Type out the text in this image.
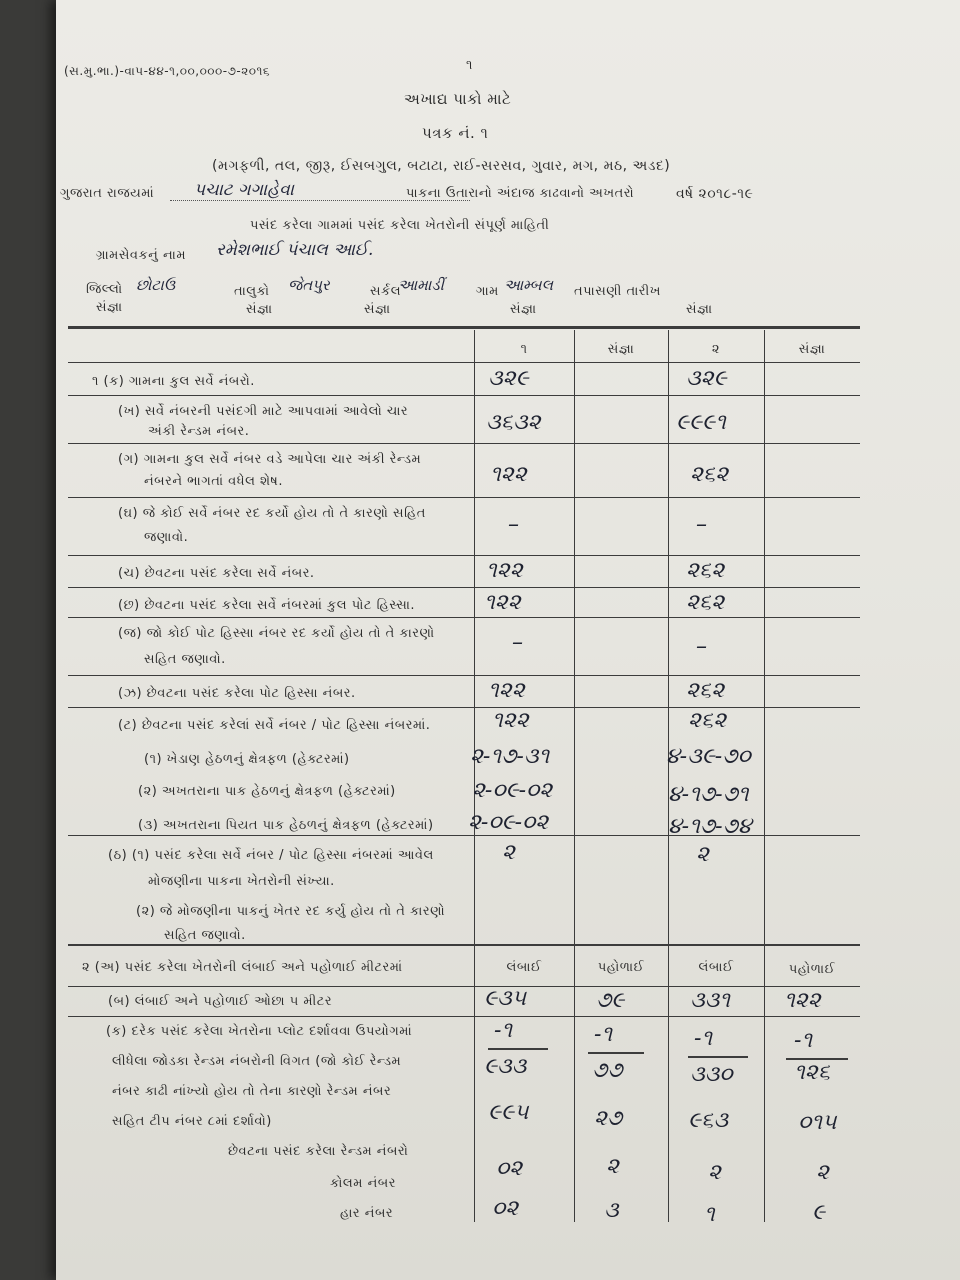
(સ.મુ.ભા.)-વાપ-૪૪-૧,૦૦,૦૦૦-૭-૨૦૧૬	૧
અખાદ્ય પાકો માટે
પત્રક નં. ૧
(મગફળી, તલ, જીરૂ, ઈસબગુલ, બટાટા, રાઈ-સરસવ, ગુવાર, મગ, મઠ, અડદ)
ગુજરાત રાજયમાં પચાટ ગગાહેવા	પાકના ઉતારાનો અંદાજ કાઢવાનો અખતરો	વર્ષ ૨૦૧૮-૧૯
પસંદ કરેલા ગામમાં પસંદ કરેલા ખેતરોની સંપૂર્ણ માહિતી
ગ્રામસેવકનું નામ રમેશભાઈ પંચાલ આઈ.
જિલ્લો છોટાઉ	તાલુકો જેતપુર	સર્કલ
આમાડીં ગામ આમ્બલ તપાસણી તારીખ
સંજ્ઞા	સંજ્ઞા	સંજ્ઞા	સંજ્ઞા	સંજ્ઞા
૧	સંજ્ઞા	૨	સંજ્ઞા
૧ (ક) ગામના કુલ સર્વે નંબરો.	૩૨૯	૩૨૯
(ખ) સર્વે નંબરની પસંદગી માટે આપવામાં આવેલો ચાર
અંકી રેન્ડમ નંબર.	૩૬૩૨	૯૯૯૧
(ગ) ગામના કુલ સર્વે નંબર વડે આપેલા ચાર અંકી રેન્ડમ
નંબરને ભાગતાં વધેલ શેષ.	૧૨૨	૨૬૨
(ઘ) જે કોઈ સર્વે નંબર રદ કર્યો હોય તો તે કારણો સહિત
જણાવો.
–	–
(ચ) છેવટના પસંદ કરેલા સર્વે નંબર.	૧૨૨	૨૬૨
(છ) છેવટના પસંદ કરેલા સર્વે નંબરમાં કુલ પોટ હિસ્સા.	૧૨૨	૨૬૨
(જ) જો કોઈ પોટ હિસ્સા નંબર રદ કર્યો હોય તો તે કારણો
સહિત જણાવો.
–	–
(ઝ) છેવટના પસંદ કરેલા પોટ હિસ્સા નંબર.	૧૨૨	૨૬૨
(ટ) છેવટના પસંદ કરેલાં સર્વે નંબર / પોટ હિસ્સા નંબરમાં.	૧૨૨	૨૬૨
(૧) ખેડાણ હેઠળનું ક્ષેત્રફળ (હેક્ટરમાં)	૨-૧૭-૩૧	૪-૩૯-૭૦
(૨) અખતરાના પાક હેઠળનું ક્ષેત્રફળ (હેક્ટરમાં)	૨-૦૯-૦૨	૪-૧૭-૭૧
(૩) અખતરાના પિયત પાક હેઠળનું ક્ષેત્રફળ (હેક્ટરમાં) ૨-૦૯-૦૨	૪-૧૭-૭૪
(ઠ) (૧) પસંદ કરેલા સર્વે નંબર / પોટ હિસ્સા નંબરમાં આવેલ
મોજણીના પાકના ખેતરોની સંખ્યા.
૨	૨
(૨) જે મોજણીના પાકનું ખેતર રદ કર્યુ હોય તો તે કારણો
સહિત જણાવો.
૨ (અ) પસંદ કરેલા ખેતરોની લંબાઈ અને પહોળાઈ મીટરમાં	લંબાઈ	પહોળાઈ	લંબાઈ	પહોળાઈ
(બ) લંબાઈ અને પહોળાઈ ઓછા ૫ મીટર	૯૩૫	૭૯	૩૩૧ ૧૨૨
(ક) દરેક પસંદ કરેલા ખેતરોના પ્લોટ દર્શાવવા ઉપયોગમાં
લીધેલા જોડકા રેન્ડમ નંબરોની વિગત (જો કોઈ રેન્ડમ
નંબર કાઢી નાંખ્યો હોય તો તેના કારણો રેન્ડમ નંબર
સહિત ટીપ નંબર ૮માં દર્શાવો)
-૧	-૧	-૧	-૧
૯૩૩	૭૭	૩૩૦	૧૨૬
૯૯૫	૨૭	૯૬૩	૦૧૫
છેવટના પસંદ કરેલા રેન્ડમ નંબરો
કોલમ નંબર
૦૨	૨	૨	૨
હાર નંબર	૦૨	૩	૧	૯
